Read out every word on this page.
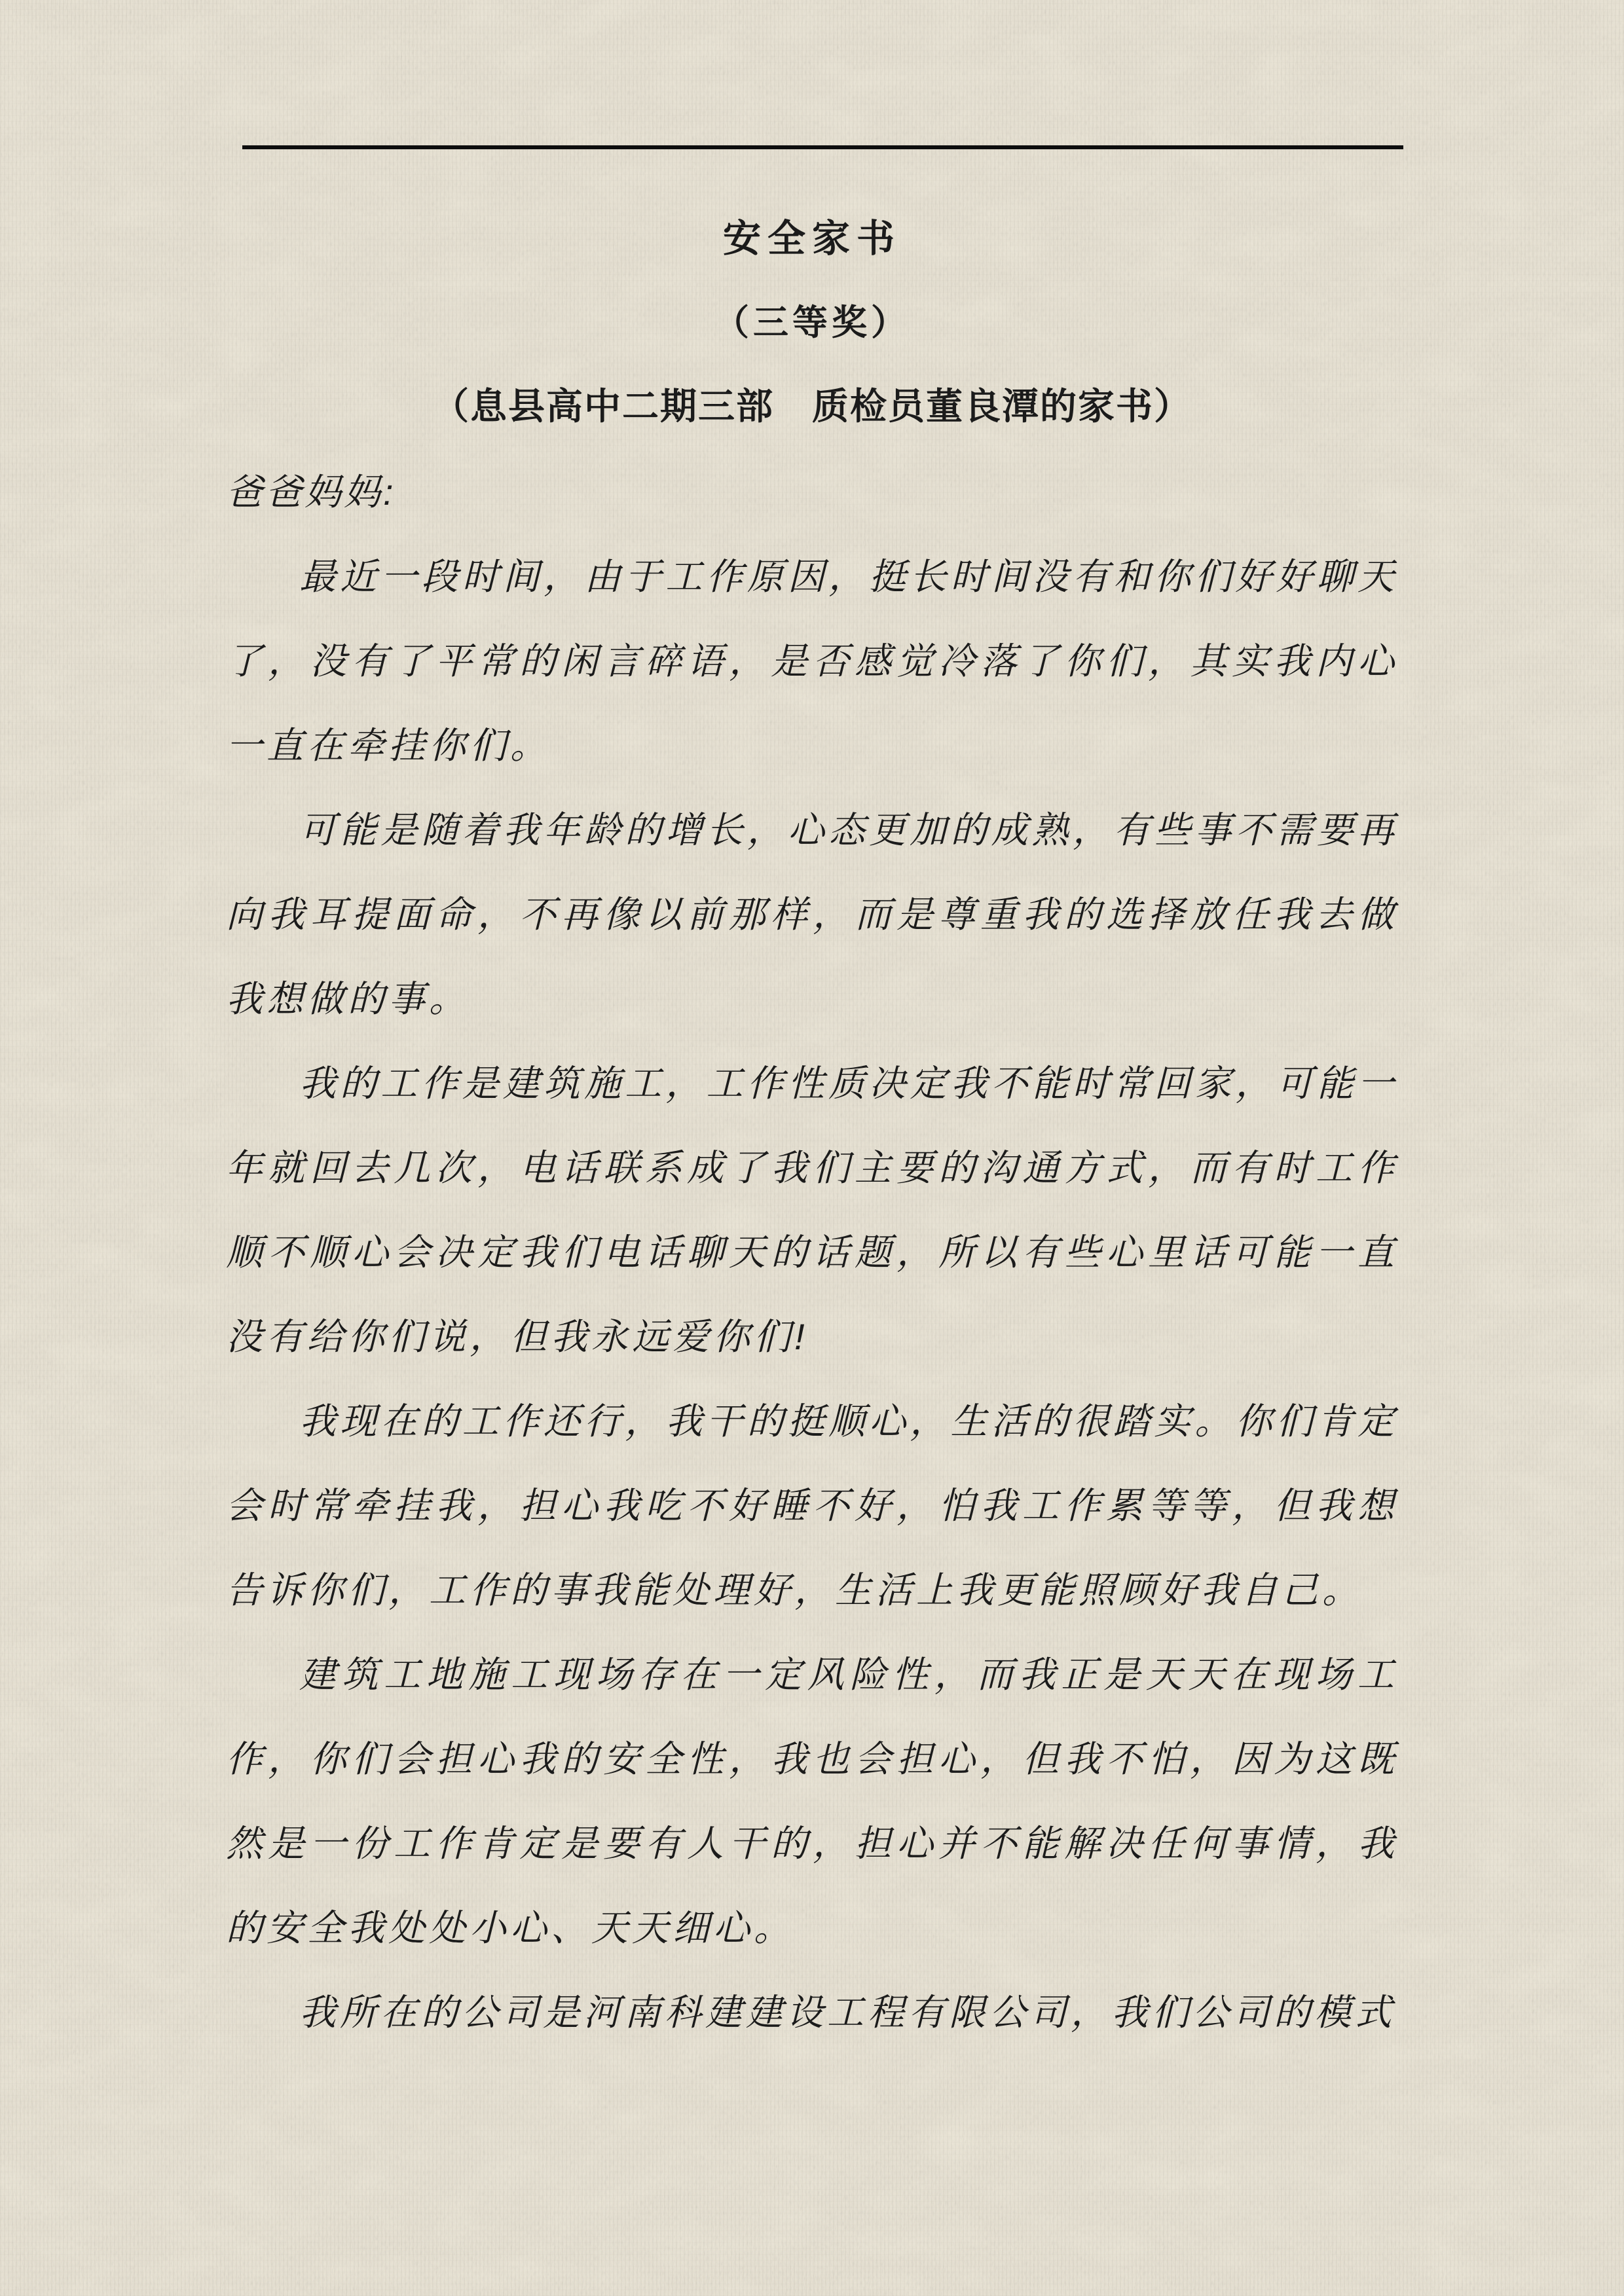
安全家书

（三等奖）

（息县高中二期三部　质检员董良潭的家书）

爸爸妈妈:

最近一段时间，由于工作原因，挺长时间没有和你们好好聊天了，没有了平常的闲言碎语，是否感觉冷落了你们，其实我内心一直在牵挂你们。

可能是随着我年龄的增长，心态更加的成熟，有些事不需要再向我耳提面命，不再像以前那样，而是尊重我的选择放任我去做我想做的事。

我的工作是建筑施工，工作性质决定我不能时常回家，可能一年就回去几次，电话联系成了我们主要的沟通方式，而有时工作顺不顺心会决定我们电话聊天的话题，所以有些心里话可能一直没有给你们说，但我永远爱你们!

我现在的工作还行，我干的挺顺心，生活的很踏实。你们肯定会时常牵挂我，担心我吃不好睡不好，怕我工作累等等，但我想告诉你们，工作的事我能处理好，生活上我更能照顾好我自己。

建筑工地施工现场存在一定风险性，而我正是天天在现场工作，你们会担心我的安全性，我也会担心，但我不怕，因为这既然是一份工作肯定是要有人干的，担心并不能解决任何事情，我的安全我处处小心、天天细心。

我所在的公司是河南科建建设工程有限公司，我们公司的模式
